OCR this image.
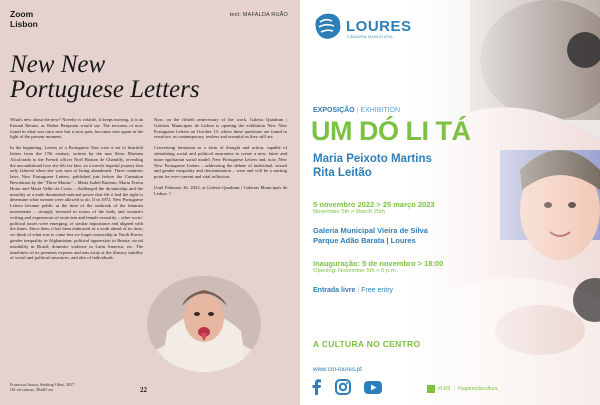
Zoom
Lisbon
text: MAFALDA RUÃO
New New
Portuguese Letters

What's new about the new? Novelty is volatile, it keeps moving, it is an Eternal Return, as Walter Benjamin would say. The newness of now found in what was once new but is now past, becomes new again in the light of the present moment.

In the beginning, Letters of a Portuguese Nun were a set of heartfelt letters from the 17th century, written by the nun Sóror Mariana Alcoforado to the French officer Noël Bouton de Chamilly, revealing the unconditional love she felt for him, on a travels hopeful journey that only faltered when she was sure of being abandoned. Three centuries later, New Portuguese Letters, published just before the Carnation Revolution by the "Three Marias" – Maria Isabel Barreno, Maria Teresa Horta and Maria Velho da Costa – challenged the dictatorship and the morality of a male-dominated national power that felt it had the right to determine what women were allowed to do. If in 1972, New Portuguese Letters became public at the time of the outbreak of the feminist movements – strongly invested in issues of the body and women's writing and expressions of eroticism and female sexuality – other socio-political issues were emerging, of similar importance and aligned with the times. Since then, it has been embraced as a work ahead of its time; we think of what was to come lest we forget censorship in North Korea; gender inequality in Afghanistan; political oppression in Russia; social instability in Brazil; domestic violence in Latin America; etc. The timeliness of its premises exposes and eats away at the illusory stability of social and political structures, and also of individuals.

Now, on the fiftieth anniversary of the work, Galeria Quadrum | Galerias Municipais de Lisboa is opening the exhibition New New Portuguese Letters on October 13, where these questions are found to resurface, as contemporary, restless and essential as they still are.

Conceiving feminism as a form of thought and action, capable of stimulating social and political awareness to create a new, fairer and more egalitarian social model, New Portuguese Letters and, now, New New Portuguese Letters – addressing the debate of individual, sexual and gender inequality and discrimination – were and will be a starting point for ever-current and vital reflection.

Until February 26, 2023, at Galeria Quadrum | Galerias Municipais de Lisboa. //

Francisca Sousa, Seeking Glint, 2017
Oil on canvas, 30x40 cm	22
LOURES
CÂMARA MUNICIPAL
EXPOSIÇÃO | EXHIBITION
UM DÓ LI TÁ
Maria Peixoto Martins
Rita Leitão
5 novembro 2022 > 25 março 2023
November 5th > March 25th
Galeria Municipal Vieira de Silva
Parque Adão Barata | Loures
Inauguração: 5 de novembro > 18:00
Opening: November 5th > 6 p.m.
Entrada livre | Free entry
A CULTURA NO CENTRO
www.cm-loures.pt
#LRS | #lugaresdacultura
